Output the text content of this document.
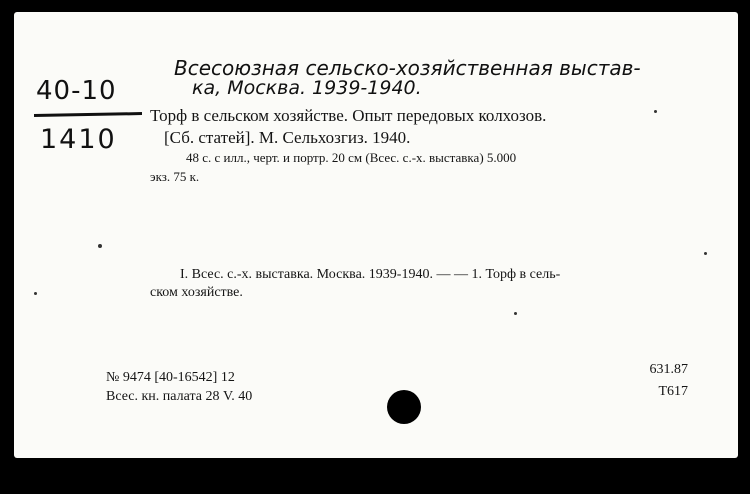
40-10
1410
Всесоюзная сельско-хозяйственная выстав-
ка, Москва. 1939-1940.
Торф в сельском хозяйстве. Опыт передовых колхозов.
[Сб. статей]. М. Сельхозгиз. 1940.
48 с. с илл., черт. и портр. 20 см (Всес. с.-х. выставка) 5.000
экз. 75 к.
I. Всес. с.-х. выставка. Москва. 1939-1940. — — 1. Торф в сель-
ском хозяйстве.
№ 9474 [40-16542] 12
Всес. кн. палата 28 V. 40
631.87
Т617
